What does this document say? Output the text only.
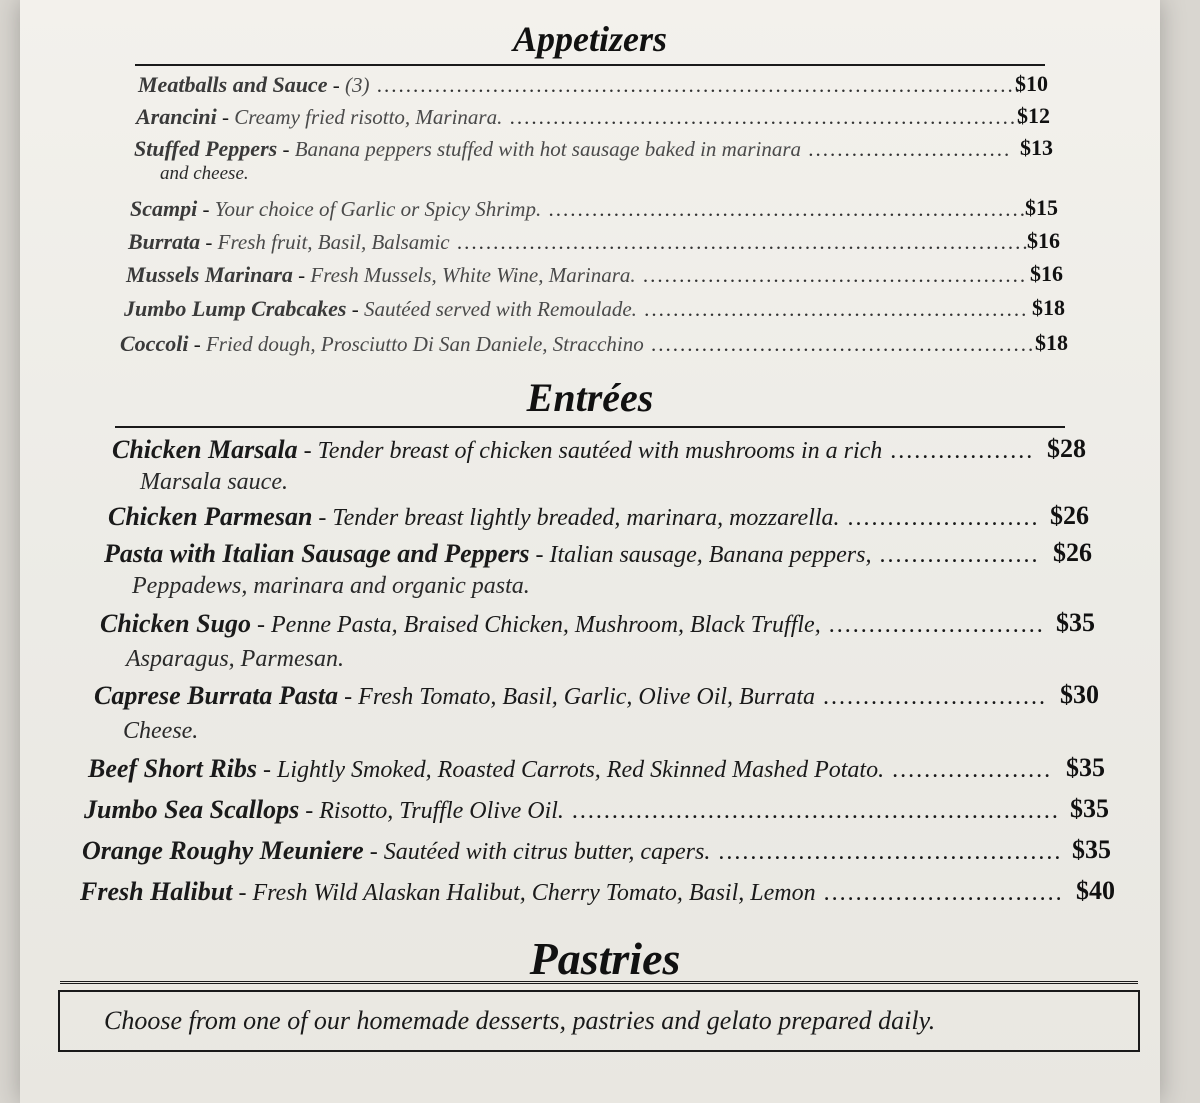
Appetizers
Meatballs and Sauce - (3) .........................................................................................
$10
Arancini - Creamy fried risotto, Marinara. .......................................................................
$12
Stuffed Peppers - Banana peppers stuffed with hot sausage baked in marinara ............................ $13
and cheese.
Scampi - Your choice of Garlic or Spicy Shrimp. ..................................................................
$15
Burrata - Fresh fruit, Basil, Balsamic ...............................................................................
$16
Mussels Marinara - Fresh Mussels, White Wine, Marinara. ..................................................... $16
Jumbo Lump Crabcakes - Sautéed served with Remoulade. ..................................................... $18
Coccoli - Fried dough, Prosciutto Di San Daniele, Stracchino ..................................................... $18
Entrées
Chicken Marsala - Tender breast of chicken sautéed with mushrooms in a rich .................. $28
Marsala sauce.
Chicken Parmesan - Tender breast lightly breaded, marinara, mozzarella. ........................ $26
Pasta with Italian Sausage and Peppers - Italian sausage, Banana peppers, .................... $26
Peppadews, marinara and organic pasta.
Chicken Sugo - Penne Pasta, Braised Chicken, Mushroom, Black Truffle, ........................... $35
Asparagus, Parmesan.
Caprese Burrata Pasta - Fresh Tomato, Basil, Garlic, Olive Oil, Burrata ............................ $30
Cheese.
Beef Short Ribs - Lightly Smoked, Roasted Carrots, Red Skinned Mashed Potato. .................... $35
Jumbo Sea Scallops - Risotto, Truffle Olive Oil. ............................................................. $35
Orange Roughy Meuniere - Sautéed with citrus butter, capers. ........................................... $35
Fresh Halibut - Fresh Wild Alaskan Halibut, Cherry Tomato, Basil, Lemon .............................. $40
Pastries
Choose from one of our homemade desserts, pastries and gelato prepared daily.
